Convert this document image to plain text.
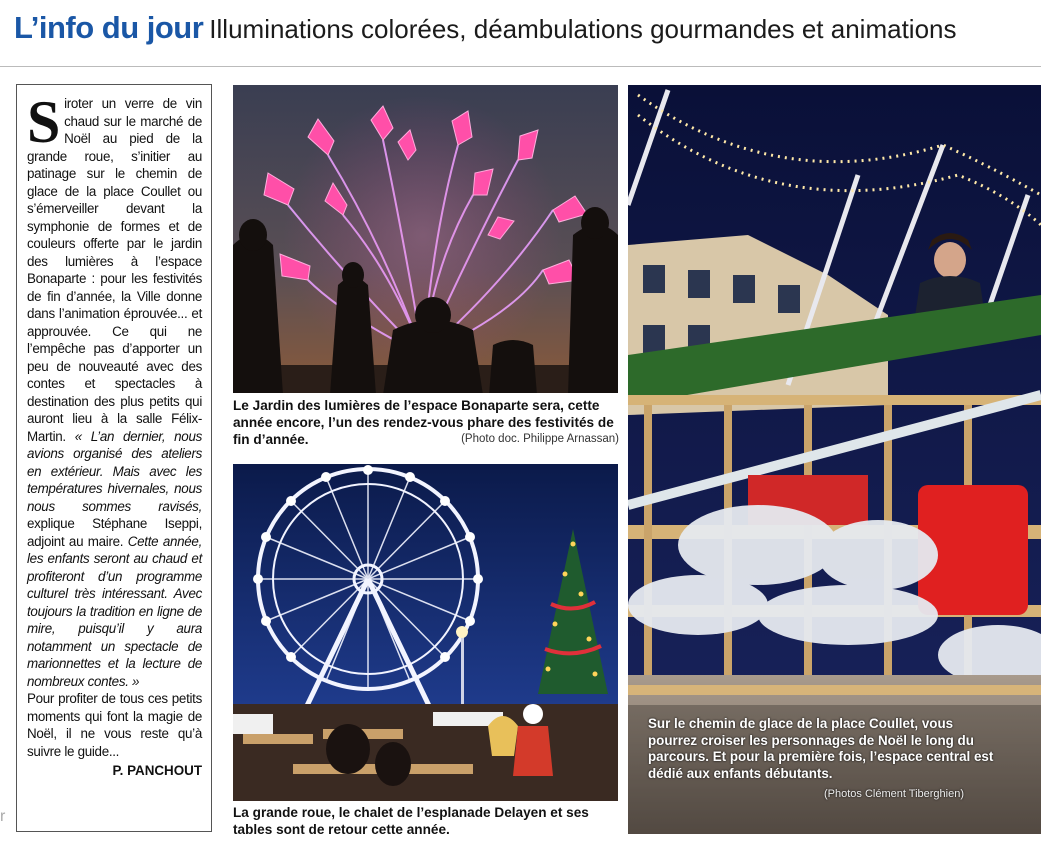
L’info du jour Illuminations colorées, déambulations gourmandes et animations
Siroter un verre de vin chaud sur le marché de Noël au pied de la grande roue, s’initier au patinage sur le chemin de glace de la place Coullet ou s’émerveiller devant la symphonie de formes et de couleurs offerte par le jardin des lumières à l’espace Bonaparte : pour les festivités de fin d’année, la Ville donne dans l’animation éprouvée... et approuvée. Ce qui ne l’empêche pas d’apporter un peu de nouveauté avec des contes et spectacles à destination des plus petits qui auront lieu à la salle Félix-Martin. « L’an dernier, nous avions organisé des ateliers en extérieur. Mais avec les températures hivernales, nous nous sommes ravisés, explique Stéphane Iseppi, adjoint au maire. Cette année, les enfants seront au chaud et profiteront d’un programme culturel très intéressant. Avec toujours la tradition en ligne de mire, puisqu’il y aura notamment un spectacle de marionnettes et la lecture de nombreux contes. »
Pour profiter de tous ces petits moments qui font la magie de Noël, il ne vous reste qu’à suivre le guide...
P. PANCHOUT
Le Jardin des lumières de l’espace Bonaparte sera, cette année encore, l’un des rendez-vous phare des festivités de fin d’année.	(Photo doc. Philippe Arnassan)
La grande roue, le chalet de l’esplanade Delayen et ses tables sont de retour cette année.
Sur le chemin de glace de la place Coullet, vous pourrez croiser les personnages de Noël le long du parcours. Et pour la première fois, l’espace central est dédié aux enfants débutants.
(Photos Clément Tiberghien)
r
